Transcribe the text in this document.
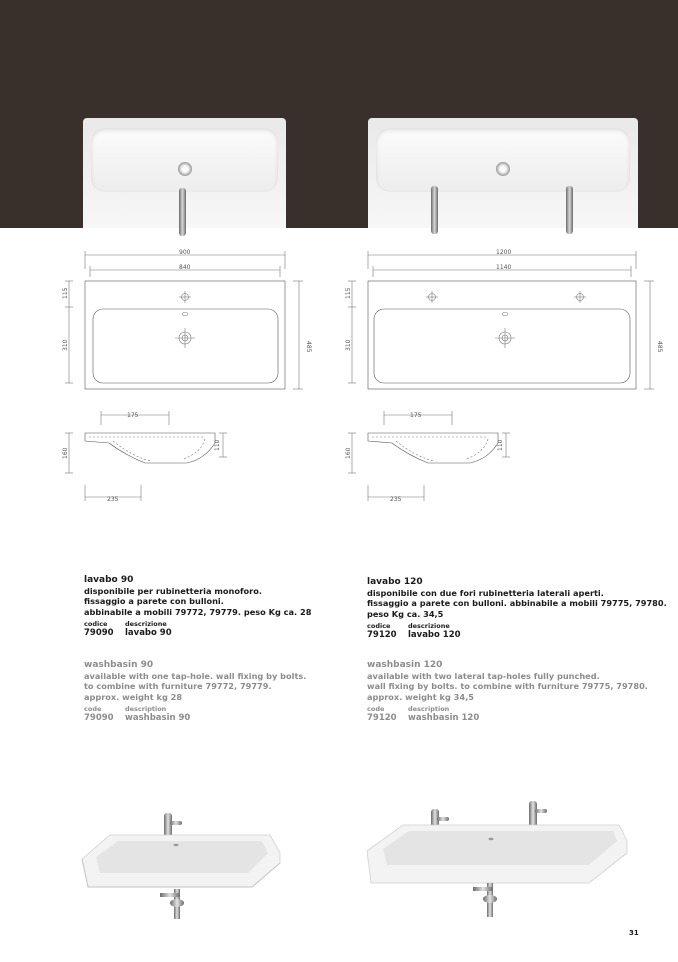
900
840
115
310	485
175
160
110
235
1200
1140
115
310	485
175
160
110
235
lavabo 90
disponibile per rubinetteria monoforo.
fissaggio a parete con bulloni.
abbinabile a mobili 79772, 79779. peso Kg ca. 28
codice
79090
descrizione
lavabo 90
washbasin 90
available with one tap-hole. wall fixing by bolts.
to combine with furniture 79772, 79779.
approx. weight kg 28
code
79090
description
washbasin 90
lavabo 120
disponibile con due fori rubinetteria laterali aperti.
fissaggio a parete con bulloni. abbinabile a mobili 79775, 79780.
peso Kg ca. 34,5
codice
79120
descrizione
lavabo 120
washbasin 120
available with two lateral tap-holes fully punched.
wall fixing by bolts. to combine with furniture 79775, 79780.
approx. weight kg 34,5
code
79120
description
washbasin 120
31
